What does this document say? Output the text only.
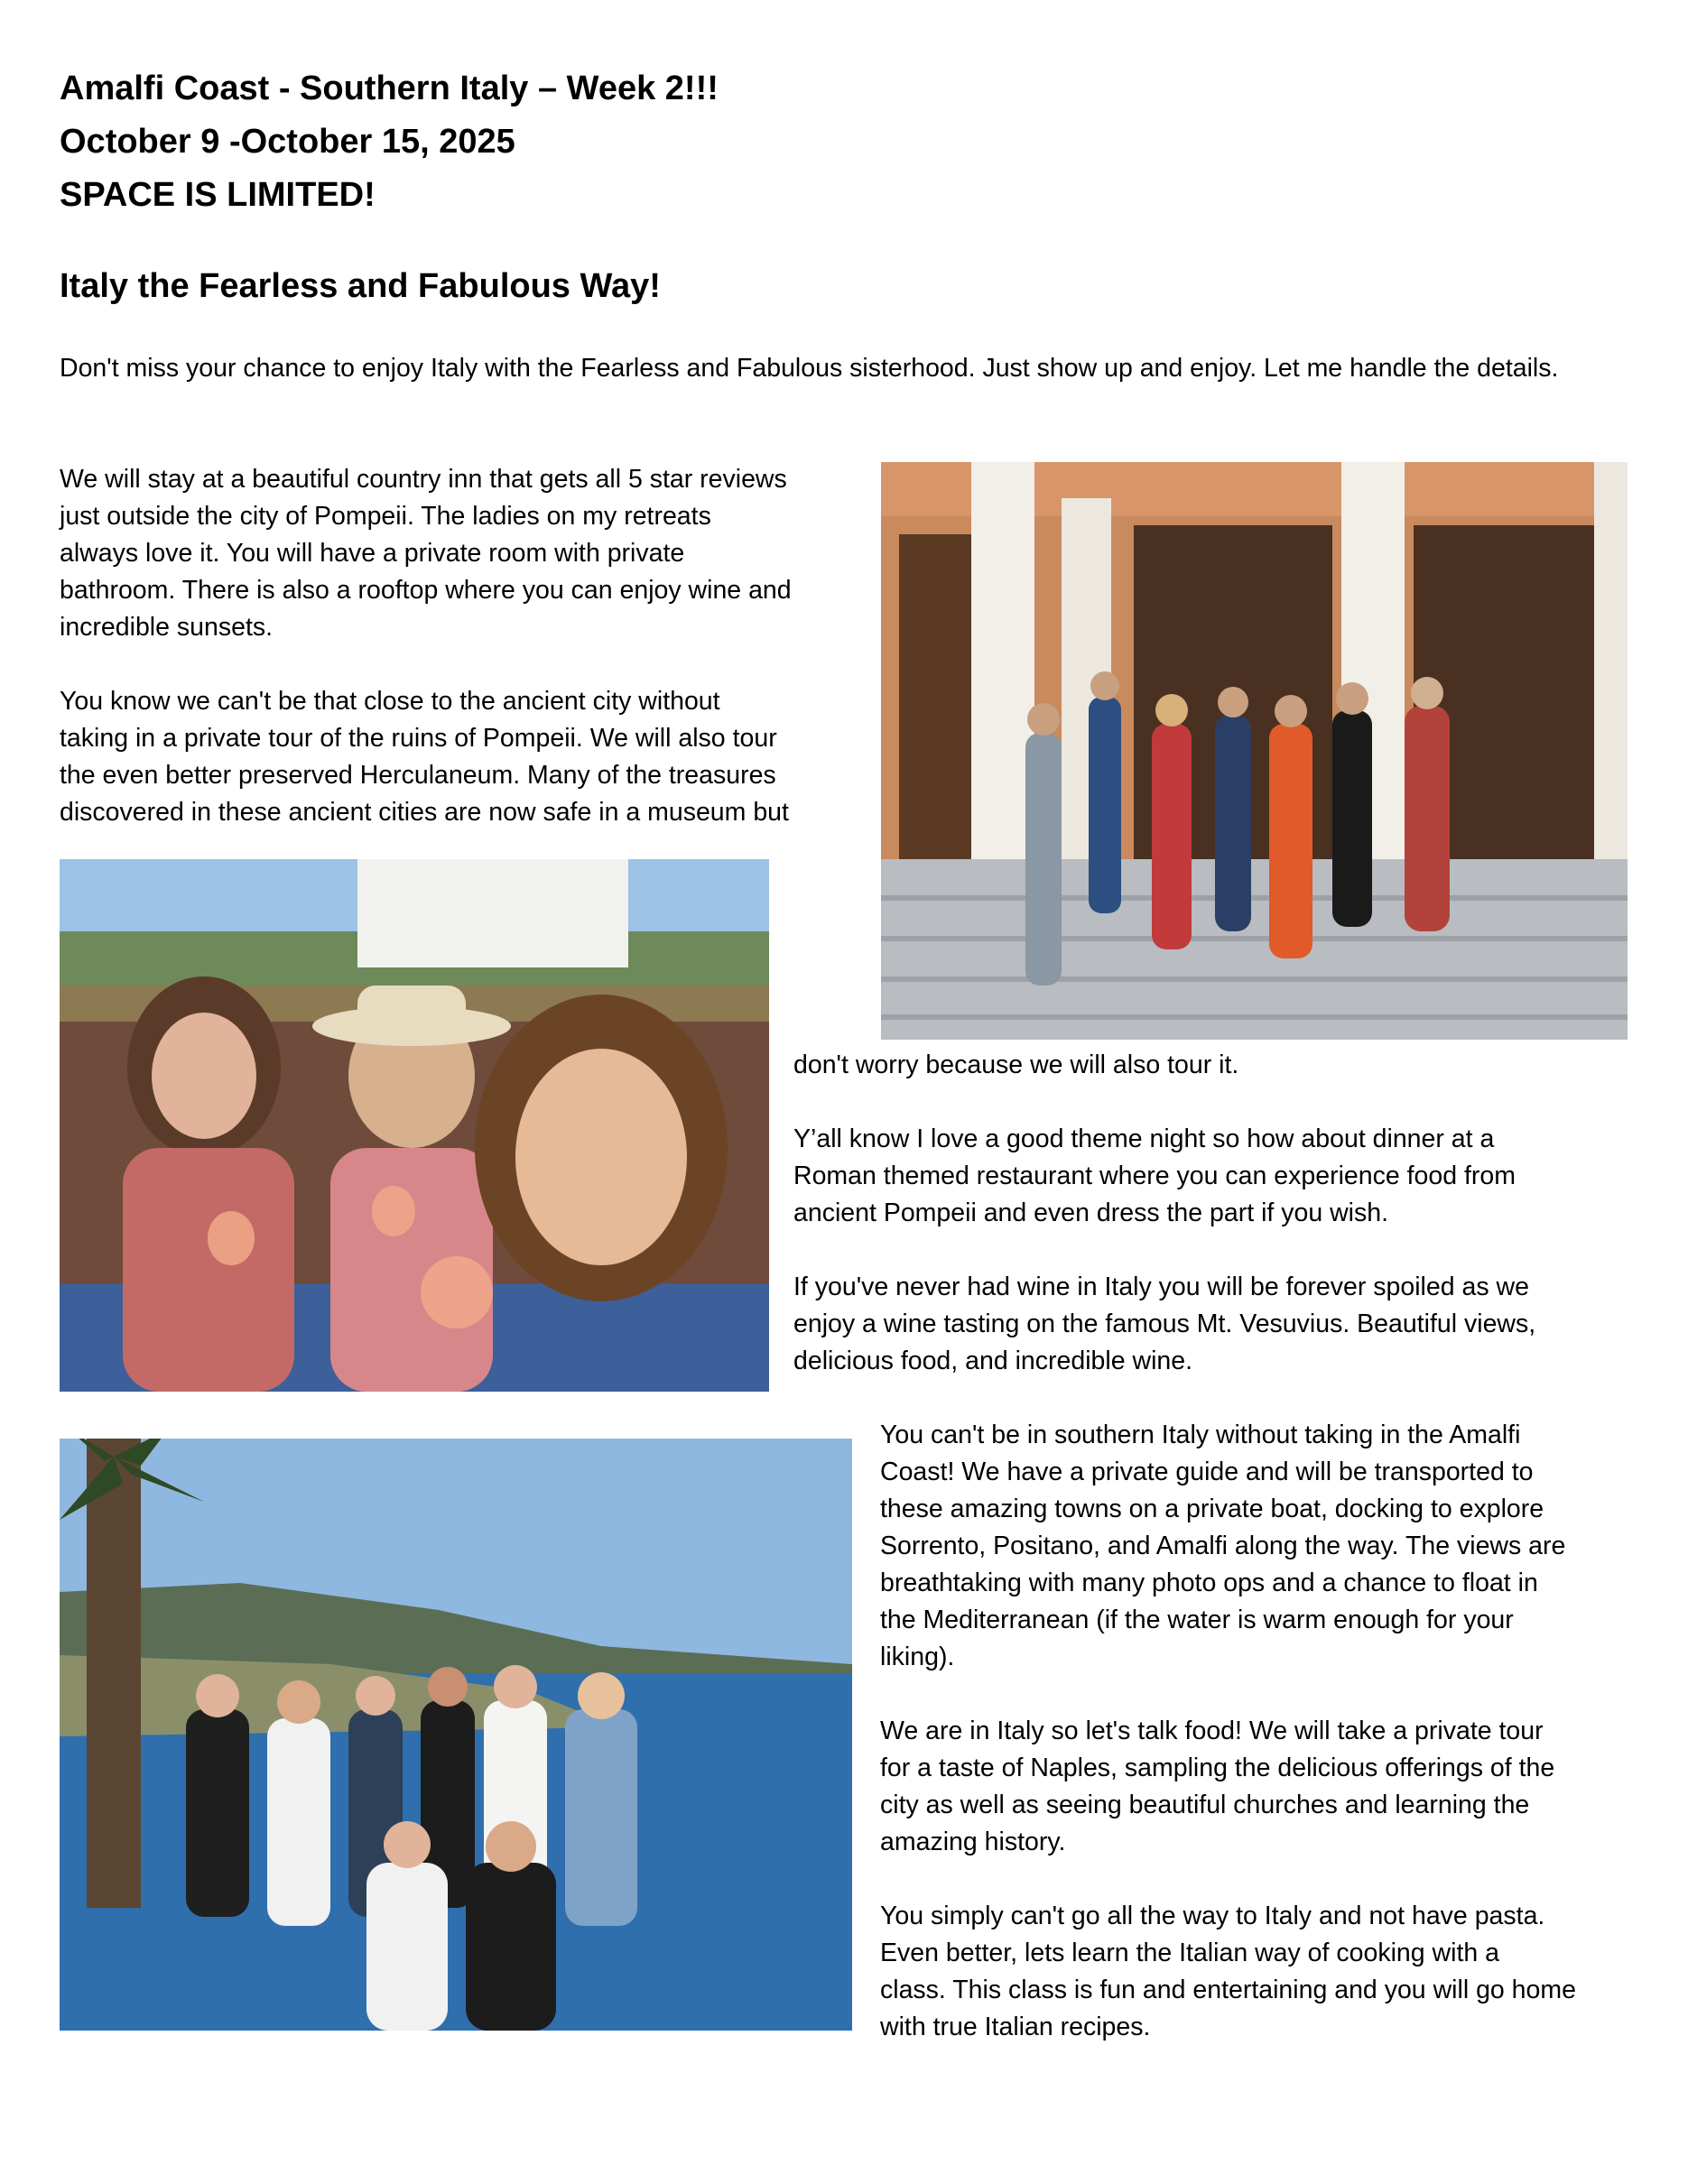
Amalfi Coast - Southern Italy – Week 2!!!
October 9 -October 15, 2025
SPACE IS LIMITED!
Italy the Fearless and Fabulous Way!

Don't miss your chance to enjoy Italy with the Fearless and Fabulous sisterhood. Just show up and enjoy. Let me handle the details.

We will stay at a beautiful country inn that gets all 5 star reviews

just outside the city of Pompeii. The ladies on my retreats

always love it. You will have a private room with private

bathroom. There is also a rooftop where you can enjoy wine and

incredible sunsets.

You know we can't be that close to the ancient city without

taking in a private tour of the ruins of Pompeii. We will also tour

the even better preserved Herculaneum. Many of the treasures

discovered in these ancient cities are now safe in a museum but

don't worry because we will also tour it.

Y’all know I love a good theme night so how about dinner at a

Roman themed restaurant where you can experience food from

ancient Pompeii and even dress the part if you wish.

If you've never had wine in Italy you will be forever spoiled as we

enjoy a wine tasting on the famous Mt. Vesuvius. Beautiful views,

delicious food, and incredible wine.

You can't be in southern Italy without taking in the Amalfi

Coast! We have a private guide and will be transported to

these amazing towns on a private boat, docking to explore

Sorrento, Positano, and Amalfi along the way. The views are

breathtaking with many photo ops and a chance to float in

the Mediterranean (if the water is warm enough for your

liking).

We are in Italy so let's talk food! We will take a private tour

for a taste of Naples, sampling the delicious offerings of the

city as well as seeing beautiful churches and learning the

amazing history.

You simply can't go all the way to Italy and not have pasta.

Even better, lets learn the Italian way of cooking with a

class. This class is fun and entertaining and you will go home

with true Italian recipes.
